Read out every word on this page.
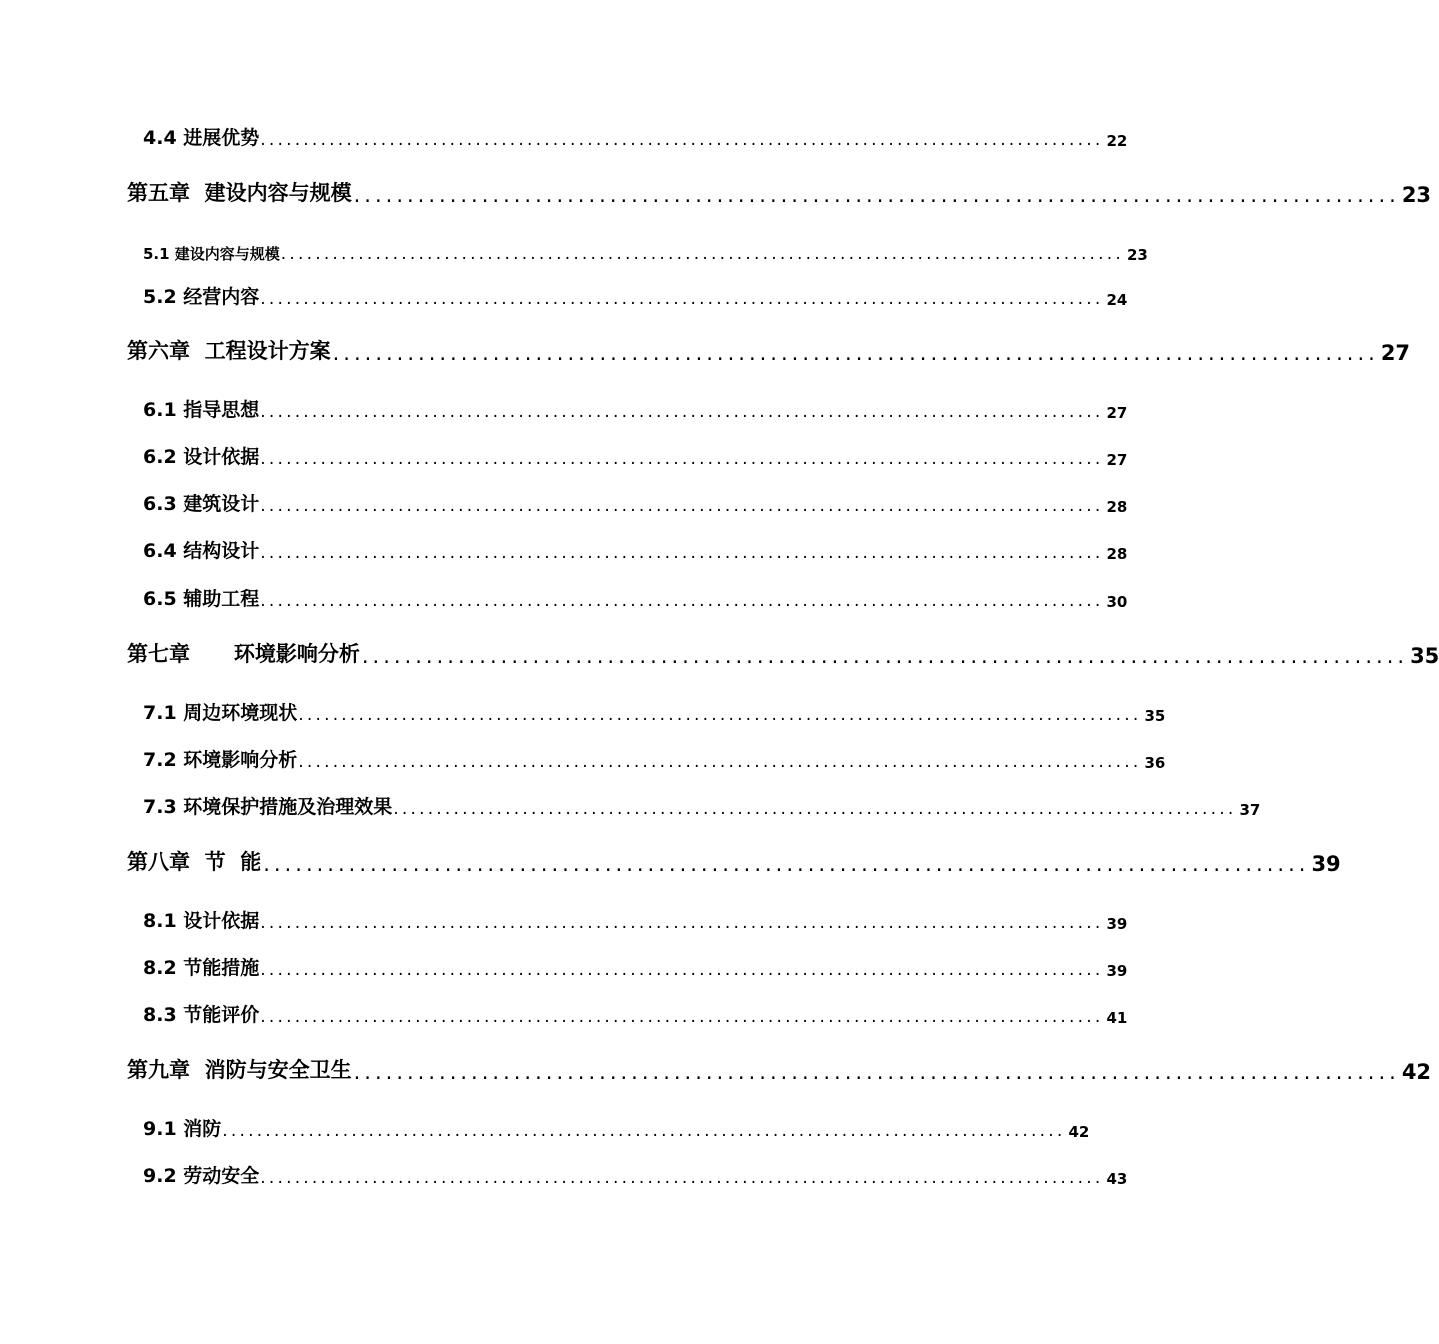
4.4 进展优势 .................................................................................................. 22
第五章  建设内容与规模 .................................................................................................. 23
5.1 建设内容与规模 .................................................................................................. 23
5.2 经营内容 .................................................................................................. 24
第六章  工程设计方案 .................................................................................................. 27
6.1 指导思想 .................................................................................................. 27
6.2 设计依据 .................................................................................................. 27
6.3 建筑设计 .................................................................................................. 28
6.4 结构设计 .................................................................................................. 28
6.5 辅助工程 .................................................................................................. 30
第七章      环境影响分析 .................................................................................................. 35
7.1 周边环境现状 .................................................................................................. 35
7.2 环境影响分析 .................................................................................................. 36
7.3 环境保护措施及治理效果 .................................................................................................. 37
第八章  节  能 .................................................................................................. 39
8.1 设计依据 .................................................................................................. 39
8.2 节能措施 .................................................................................................. 39
8.3 节能评价 .................................................................................................. 41
第九章  消防与安全卫生 .................................................................................................. 42
9.1 消防 .................................................................................................. 42
9.2 劳动安全 .................................................................................................. 43
